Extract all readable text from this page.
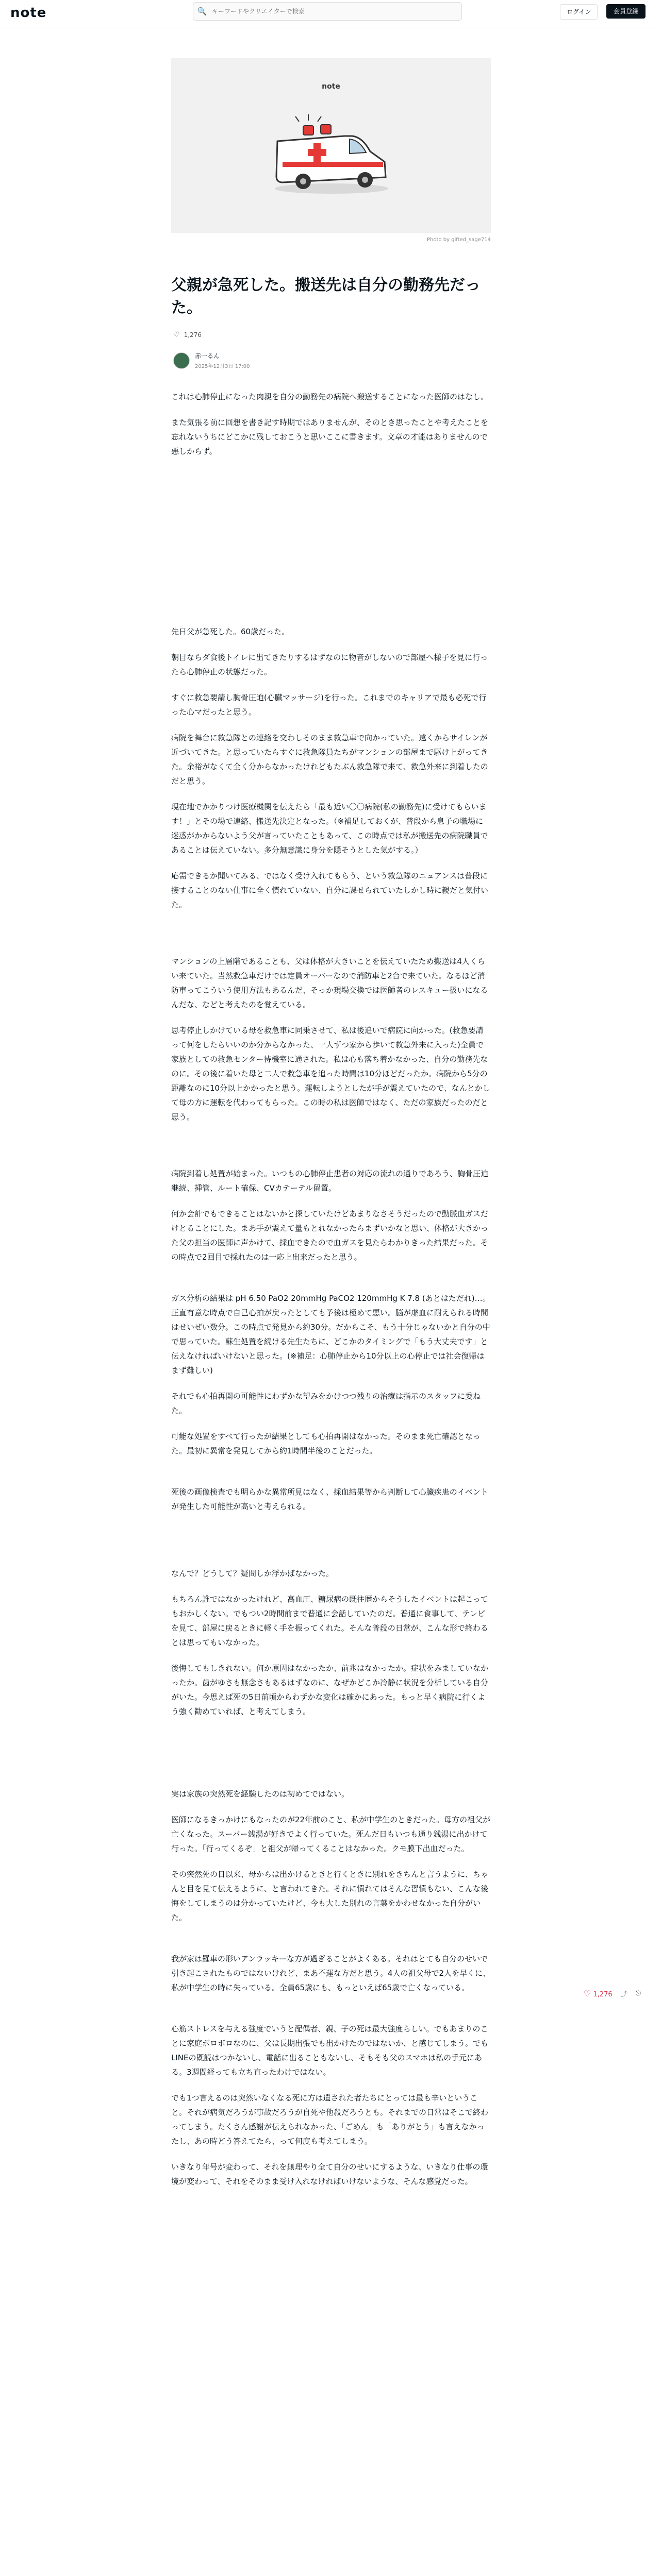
note	🔍
キーワードやクリエイターで検索	ログイン	会員登録
note
Photo by gifted_sage714
父親が急死した。搬送先は自分の勤務先だった。
♡ 1,276
赤一るん
2025年12月3日 17:00

これは心肺停止になった肉親を自分の勤務先の病院へ搬送することになった医師のはなし。

また気張る前に回想を書き記す時期ではありませんが、そのとき思ったことや考えたことを忘れないうちにどこかに残しておこうと思いここに書きます。文章の才能はありませんので悪しからず。

先日父が急死した。60歳だった。

朝目ならダ食後トイレに出てきたりするはずなのに物音がしないので部屋へ様子を見に行ったら心肺停止の状態だった。

すぐに救急要請し胸骨圧迫(心臓マッサージ)を行った。これまでのキャリアで最も必死で行った心マだったと思う。

病院を舞台に救急隊との連絡を交わしそのまま救急車で向かっていた。遠くからサイレンが近づいてきた。と思っていたらすぐに救急隊員たちがマンションの部屋まで駆け上がってきた。余裕がなくて全く分からなかったけれどもたぶん救急隊で来て、救急外来に到着したのだと思う。

現在地でかかりつけ医療機関を伝えたら「最も近い〇〇病院(私の勤務先)に受けてもらいます！」とその場で連絡、搬送先決定となった。（※補足しておくが、普段から息子の職場に迷惑がかからないよう父が言っていたこともあって、この時点では私が搬送先の病院職員であることは伝えていない。多分無意識に身分を隠そうとした気がする。）

応需できるか聞いてみる、ではなく受け入れてもらう、という救急隊のニュアンスは普段に接することのない仕事に全く慣れていない、自分に課せられていたしかし時に親だと気付いた。

マンションの上層階であることも、父は体格が大きいことを伝えていたため搬送は4人くらい来ていた。当然救急車だけでは定員オーバーなので消防車と2台で来ていた。なるほど消防車ってこういう使用方法もあるんだ、そっか現場交換では医師者のレスキュー扱いになるんだな、などと考えたのを覚えている。

思考停止しかけている母を救急車に同乗させて、私は後追いで病院に向かった。(救急要請って何をしたらいいのか分からなかった、一人ずつ家から歩いて救急外来に入った)全員で家族としての救急センター待機室に通された。私は心も落ち着かなかった、自分の勤務先なのに。その後に着いた母と二人で救急車を追った時間は10分ほどだったか。病院から5分の距離なのに10分以上かかったと思う。運転しようとしたが手が震えていたので、なんとかして母の方に運転を代わってもらった。この時の私は医師ではなく、ただの家族だったのだと思う。

病院到着し処置が始まった。いつもの心肺停止患者の対応の流れの通りであろう、胸骨圧迫継続、挿管、ルート確保、CVカテーテル留置。

何か会計でもできることはないかと探していたけどあまりなさそうだったので動脈血ガスだけとることにした。まあ手が震えて量もとれなかったらまずいかなと思い、体格が大きかった父の担当の医師に声かけて、採血できたので血ガスを見たらわかりきった結果だった。その時点で2回目で採れたのは一応上出来だったと思う。

ガス分析の結果は pH 6.50 PaO2 20mmHg PaCO2 120mmHg K 7.8 (あとはただれ)…。正直有意な時点で自己心拍が戻ったとしても予後は極めて悪い。脳が虚血に耐えられる時間はせいぜい数分。この時点で発見から約30分。だからこそ、もう十分じゃないかと自分の中で思っていた。蘇生処置を続ける先生たちに、どこかのタイミングで「もう大丈夫です」と伝えなければいけないと思った。(※補足：心肺停止から10分以上の心停止では社会復帰はまず難しい)

それでも心拍再開の可能性にわずかな望みをかけつつ残りの治療は指示のスタッフに委ねた。

可能な処置をすべて行ったが結果としても心拍再開はなかった。そのまま死亡確認となった。最初に異常を発見してから約1時間半後のことだった。

死後の画像検査でも明らかな異常所見はなく、採血結果等から判断して心臓疾患のイベントが発生した可能性が高いと考えられる。

なんで？どうして？疑問しか浮かばなかった。

もちろん誰ではなかったけれど、高血圧、糖尿病の既往歴からそうしたイベントは起こってもおかしくない。でもつい2時間前まで普通に会話していたのだ。普通に食事して、テレビを見て、部屋に戻るときに軽く手を振ってくれた。そんな普段の日常が、こんな形で終わるとは思ってもいなかった。

後悔してもしきれない。何か原因はなかったか、前兆はなかったか。症状をみましていなかったか。歯がゆさも無念さもあるはずなのに、なぜかどこか冷静に状況を分析している自分がいた。今思えば死の5日前頃からわずかな変化は確かにあった。もっと早く病院に行くよう強く勧めていれば、と考えてしまう。

実は家族の突然死を経験したのは初めてではない。

医師になるきっかけにもなったのが22年前のこと、私が中学生のときだった。母方の祖父が亡くなった。スーパー銭湯が好きでよく行っていた。死んだ日もいつも通り銭湯に出かけて行った。「行ってくるぞ」と祖父が帰ってくることはなかった。クモ膜下出血だった。

その突然死の日以来、母からは出かけるときと行くときに別れをきちんと言うように、ちゃんと目を見て伝えるように、と言われてきた。それに慣れてはそんな習慣もない、こんな後悔をしてしまうのは分かっていたけど、今も大した別れの言葉をかわせなかった自分がいた。

我が家は羅車の形いアンラッキーな方が過ぎることがよくある。それはとても自分のせいで引き起こされたものではないけれど、まあ不運な方だと思う。4人の祖父母で2人を早くに、私が中学生の時に失っている。全員65歳にも、もっといえば65歳で亡くなっている。

心筋ストレスを与える強度でいうと配偶者、親、子の死は最大強度らしい。でもあまりのことに家庭ボロボロなのに、父は長期出張でも出かけたのではないか、と感じてしまう。でもLINEの既読はつかないし、電話に出ることもないし、そもそも父のスマホは私の手元にある。3週間経っても立ち直ったわけではない。

でも1つ言えるのは突然いなくなる死に方は遺された者たちにとっては最も辛いということ。それが病気だろうが事故だろうが自死や他殺だろうとも。それまでの日常はそこで終わってしまう。たくさん感謝が伝えられなかった、「ごめん」も「ありがとう」も言えなかったし、あの時どう答えてたら、って何度も考えてしまう。

いきなり年号が変わって、それを無理やり全て自分のせいにするような、いきなり仕事の環境が変わって、それをそのまま受け入れなければいけないような、そんな感覚だった。

♡ 1,276 ⤴ ⎋
